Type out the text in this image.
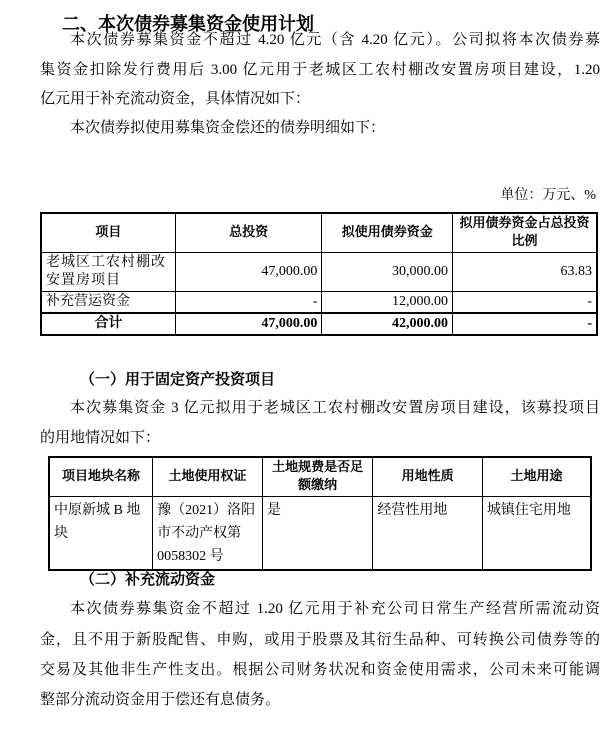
二、本次债券募集资金使用计划
本次债券募集资金不超过 4.20 亿元（含 4.20 亿元）。公司拟将本次债券募
集资金扣除发行费用后 3.00 亿元用于老城区工农村棚改安置房项目建设，1.20
亿元用于补充流动资金，具体情况如下：
本次债券拟使用募集资金偿还的债券明细如下：
单位：万元、%
项目	总投资	拟使用债券资金	拟用债券资金占总投资比例
老城区工农村棚改安置房项目	47,000.00	30,000.00	63.83
补充营运资金	-	12,000.00	-
合计	47,000.00	42,000.00	-
（一）用于固定资产投资项目
本次募集资金 3 亿元拟用于老城区工农村棚改安置房项目建设，该募投项目
的用地情况如下：
项目地块名称	土地使用权证	土地规费是否足额缴纳	用地性质	土地用途
中原新城 B 地块	豫（2021）洛阳市不动产权第 0058302 号	是	经营性用地	城镇住宅用地
（二）补充流动资金
本次债券募集资金不超过 1.20 亿元用于补充公司日常生产经营所需流动资
金，且不用于新股配售、申购，或用于股票及其衍生品种、可转换公司债券等的
交易及其他非生产性支出。根据公司财务状况和资金使用需求，公司未来可能调
整部分流动资金用于偿还有息债务。
